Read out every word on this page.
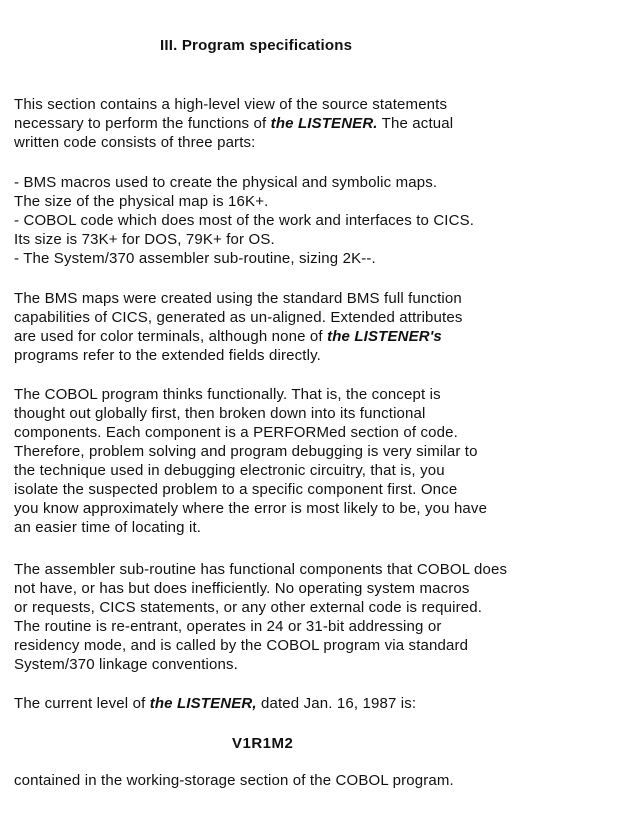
III. Program specifications
This section contains a high-level view of the source statements
necessary to perform the functions of the LISTENER. The actual
written code consists of three parts:
- BMS macros used to create the physical and symbolic maps.
The size of the physical map is 16K+.
- COBOL code which does most of the work and interfaces to CICS.
Its size is 73K+ for DOS, 79K+ for OS.
- The System/370 assembler sub-routine, sizing 2K--.
The BMS maps were created using the standard BMS full function
capabilities of CICS, generated as un-aligned. Extended attributes
are used for color terminals, although none of the LISTENER's
programs refer to the extended fields directly.
The COBOL program thinks functionally. That is, the concept is
thought out globally first, then broken down into its functional
components. Each component is a PERFORMed section of code.
Therefore, problem solving and program debugging is very similar to
the technique used in debugging electronic circuitry, that is, you
isolate the suspected problem to a specific component first. Once
you know approximately where the error is most likely to be, you have
an easier time of locating it.
The assembler sub-routine has functional components that COBOL does
not have, or has but does inefficiently. No operating system macros
or requests, CICS statements, or any other external code is required.
The routine is re-entrant, operates in 24 or 31-bit addressing or
residency mode, and is called by the COBOL program via standard
System/370 linkage conventions.
The current level of the LISTENER, dated Jan. 16, 1987 is:
V1R1M2
contained in the working-storage section of the COBOL program.
